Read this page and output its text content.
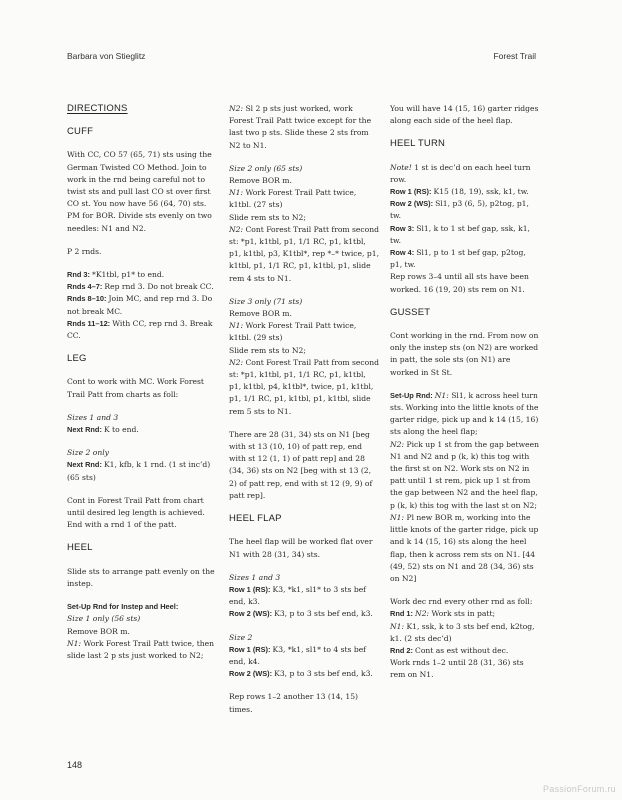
Barbara von Stieglitz	Forest Trail
DIRECTIONS
CUFF
With CC, CO 57 (65, 71) sts using the German Twisted CO Method. Join to work in the rnd being careful not to twist sts and pull last CO st over first CO st. You now have 56 (64, 70) sts. PM for BOR. Divide sts evenly on two needles: N1 and N2.
P 2 rnds.
Rnd 3: *K1tbl, p1* to end.
Rnds 4–7: Rep rnd 3. Do not break CC.
Rnds 8–10: Join MC, and rep rnd 3. Do not break MC.
Rnds 11–12: With CC, rep rnd 3. Break CC.
LEG
Cont to work with MC. Work Forest Trail Patt from charts as foll:
Sizes 1 and 3
Next Rnd: K to end.
Size 2 only
Next Rnd: K1, kfb, k 1 rnd. (1 st inc’d) (65 sts)
Cont in Forest Trail Patt from chart until desired leg length is achieved. End with a rnd 1 of the patt.
HEEL
Slide sts to arrange patt evenly on the instep.
Set-Up Rnd for Instep and Heel:
Size 1 only (56 sts)
Remove BOR m.
N1: Work Forest Trail Patt twice, then slide last 2 p sts just worked to N2;
N2: Sl 2 p sts just worked, work Forest Trail Patt twice except for the last two p sts. Slide these 2 sts from N2 to N1.
Size 2 only (65 sts)
Remove BOR m.
N1: Work Forest Trail Patt twice, k1tbl. (27 sts)
Slide rem sts to N2;
N2: Cont Forest Trail Patt from second st: *p1, k1tbl, p1, 1/1 RC, p1, k1tbl, p1, k1tbl, p3, K1tbl*, rep *–* twice, p1, k1tbl, p1, 1/1 RC, p1, k1tbl, p1, slide rem 4 sts to N1.
Size 3 only (71 sts)
Remove BOR m.
N1: Work Forest Trail Patt twice, k1tbl. (29 sts)
Slide rem sts to N2;
N2: Cont Forest Trail Patt from second st: *p1, k1tbl, p1, 1/1 RC, p1, k1tbl, p1, k1tbl, p4, k1tbl*, twice, p1, k1tbl, p1, 1/1 RC, p1, k1tbl, p1, k1tbl, slide rem 5 sts to N1.
There are 28 (31, 34) sts on N1 [beg with st 13 (10, 10) of patt rep, end with st 12 (1, 1) of patt rep] and 28 (34, 36) sts on N2 [beg with st 13 (2, 2) of patt rep, end with st 12 (9, 9) of patt rep].
HEEL FLAP
The heel flap will be worked flat over N1 with 28 (31, 34) sts.
Sizes 1 and 3
Row 1 (RS): K3, *k1, sl1* to 3 sts bef end, k3.
Row 2 (WS): K3, p to 3 sts bef end, k3.
Size 2
Row 1 (RS): K3, *k1, sl1* to 4 sts bef end, k4.
Row 2 (WS): K3, p to 3 sts bef end, k3.
Rep rows 1–2 another 13 (14, 15) times.
You will have 14 (15, 16) garter ridges along each side of the heel flap.
HEEL TURN
Note! 1 st is dec’d on each heel turn row.
Row 1 (RS): K15 (18, 19), ssk, k1, tw.
Row 2 (WS): Sl1, p3 (6, 5), p2tog, p1, tw.
Row 3: Sl1, k to 1 st bef gap, ssk, k1, tw.
Row 4: Sl1, p to 1 st bef gap, p2tog, p1, tw.
Rep rows 3–4 until all sts have been worked. 16 (19, 20) sts rem on N1.
GUSSET
Cont working in the rnd. From now on only the instep sts (on N2) are worked in patt, the sole sts (on N1) are worked in St St.
Set-Up Rnd: N1: Sl1, k across heel turn sts. Working into the little knots of the garter ridge, pick up and k 14 (15, 16) sts along the heel flap;
N2: Pick up 1 st from the gap between N1 and N2 and p (k, k) this tog with the first st on N2. Work sts on N2 in patt until 1 st rem, pick up 1 st from the gap between N2 and the heel flap, p (k, k) this tog with the last st on N2;
N1: Pl new BOR m, working into the little knots of the garter ridge, pick up and k 14 (15, 16) sts along the heel flap, then k across rem sts on N1. [44 (49, 52) sts on N1 and 28 (34, 36) sts on N2]
Work dec rnd every other rnd as foll:
Rnd 1: N2: Work sts in patt;
N1: K1, ssk, k to 3 sts bef end, k2tog, k1. (2 sts dec’d)
Rnd 2: Cont as est without dec.
Work rnds 1–2 until 28 (31, 36) sts rem on N1.
148
PassionForum.ru
